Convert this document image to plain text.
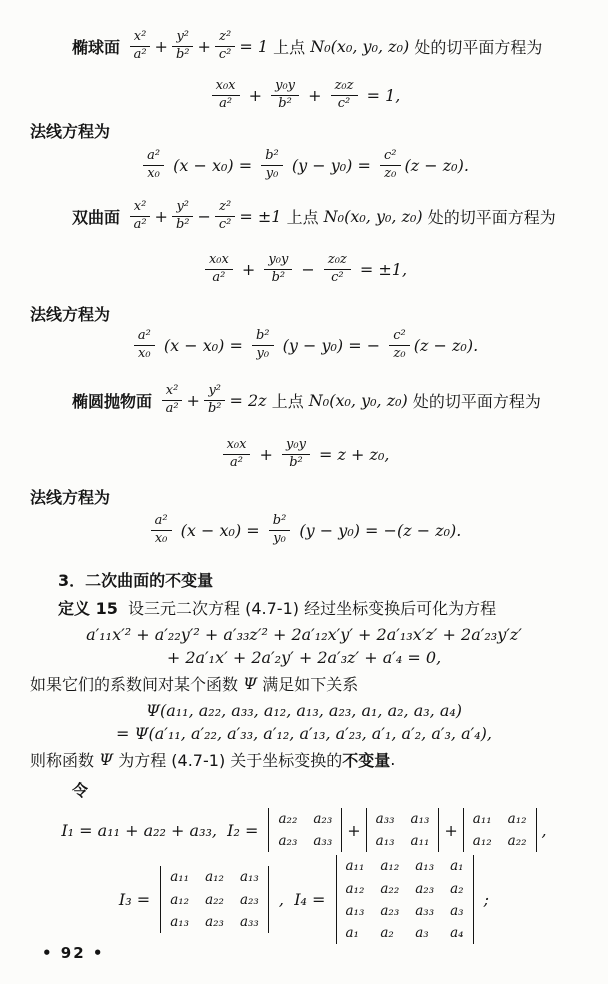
椭球面 $\frac{\text{x²}}{\text{a²}} + \frac{\text{y²}}{\text{b²}} + \frac{\text{z²}}{\text{c²}} = 1$ 上点 N₀(x₀, y₀, z₀) 处的切平面方程为
$\frac{\text{x₀x}}{\text{a²}} + \frac{\text{y₀y}}{\text{b²}} + \frac{\text{z₀z}}{\text{c²}} = 1$,
法线方程为
$\frac{\text{a²}}{\text{x₀}} (x - x_0) = \frac{\text{b²}}{\text{y₀}} (y - y_0) = \frac{\text{c²}}{\text{z₀}} (z - z_0)$.
双曲面 $\frac{\text{x²}}{\text{a²}} + \frac{\text{y²}}{\text{b²}} - \frac{\text{z²}}{\text{c²}} = \pm 1$ 上点 N₀(x₀, y₀, z₀) 处的切平面方程为
$\frac{\text{x₀x}}{\text{a²}} + \frac{\text{y₀y}}{\text{b²}} - \frac{\text{z₀z}}{\text{c²}} = \pm 1$,
法线方程为
$\frac{\text{a²}}{\text{x₀}} (x - x_0) = \frac{\text{b²}}{\text{y₀}} (y - y_0)$ = − $\frac{\text{c²}}{\text{z₀}} (z - z_0)$.
椭圆抛物面 $\frac{\text{x²}}{\text{a²}} + \frac{\text{y²}}{\text{b²}} = 2z$ 上点 N₀(x₀, y₀, z₀) 处的切平面方程为
$\frac{\text{x₀x}}{\text{a²}} + \frac{\text{y₀y}}{\text{b²}} = z + z_0$,
法线方程为
$\frac{\text{a²}}{\text{x₀}} (x - x_0) = \frac{\text{b²}}{\text{y₀}} (y - y_0) = -(z - z_0)$.
3．二次曲面的不变量
定义 15 设三元二次方程 (4.7-1) 经过坐标变换后可化为方程
a′₁₁x′² + a′₂₂y′² + a′₃₃z′² + 2a′₁₂x′y′ + 2a′₁₃x′z′ + 2a′₂₃y′z′
+ 2a′₁x′ + 2a′₂y′ + 2a′₃z′ + a′₄ = 0,
如果它们的系数间对某个函数 Ψ 满足如下关系
Ψ(a₁₁, a₂₂, a₃₃, a₁₂, a₁₃, a₂₃, a₁, a₂, a₃, a₄)
= Ψ(a′₁₁, a′₂₂, a′₃₃, a′₁₂, a′₁₃, a′₂₃, a′₁, a′₂, a′₃, a′₄),
则称函数 Ψ 为方程 (4.7-1) 关于坐标变换的 不变量 .
令
I₁ = a₁₁ + a₂₂ + a₃₃,  I₂ =
a₂₂ a₂₃
a₂₃ a₃₃
+
a₃₃ a₁₃
a₁₃ a₁₁
+
a₁₁ a₁₂
a₁₂ a₂₂
,
I₃ =
a₁₁ a₁₂ a₁₃
a₁₂ a₂₂ a₂₃
a₁₃ a₂₃ a₃₃
,  I₄ =
a₁₁ a₁₂ a₁₃ a₁
a₁₂ a₂₂ a₂₃ a₂
a₁₃ a₂₃ a₃₃ a₃
a₁	a₂	a₃	a₄
;
• 92 •
